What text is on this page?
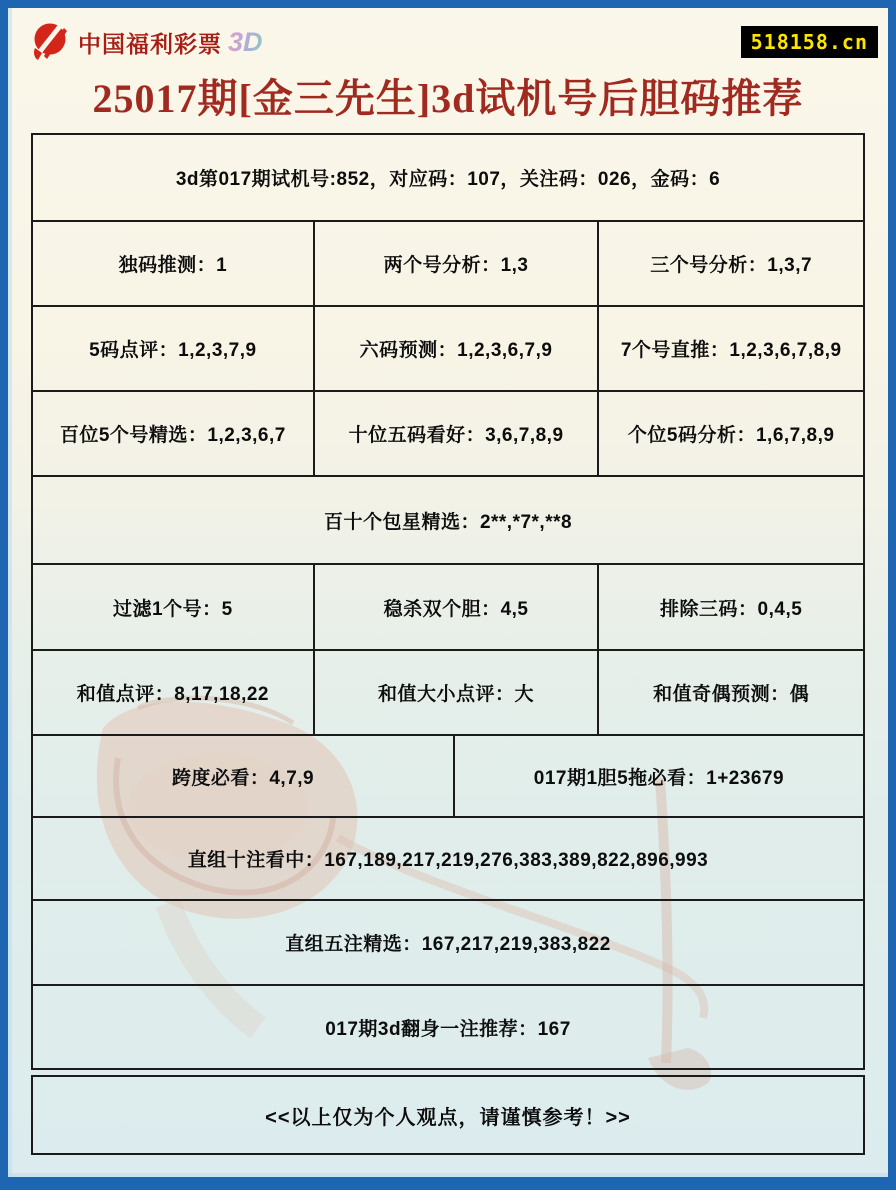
中国福利彩票 3D	518158.cn
25017期[金三先生]3d试机号后胆码推荐
3d第017期试机号:852，对应码：107，关注码：026，金码：6
独码推测：1	两个号分析：1,3	三个号分析：1,3,7
5码点评：1,2,3,7,9	六码预测：1,2,3,6,7,9	7个号直推：1,2,3,6,7,8,9
百位5个号精选：1,2,3,6,7	十位五码看好：3,6,7,8,9	个位5码分析：1,6,7,8,9
百十个包星精选：2**,*7*,**8
过滤1个号：5	稳杀双个胆：4,5	排除三码：0,4,5
和值点评：8,17,18,22	和值大小点评：大	和值奇偶预测：偶
跨度必看：4,7,9	017期1胆5拖必看：1+23679
直组十注看中：167,189,217,219,276,383,389,822,896,993
直组五注精选：167,217,219,383,822
017期3d翻身一注推荐：167
<<以上仅为个人观点，请谨慎参考！>>
